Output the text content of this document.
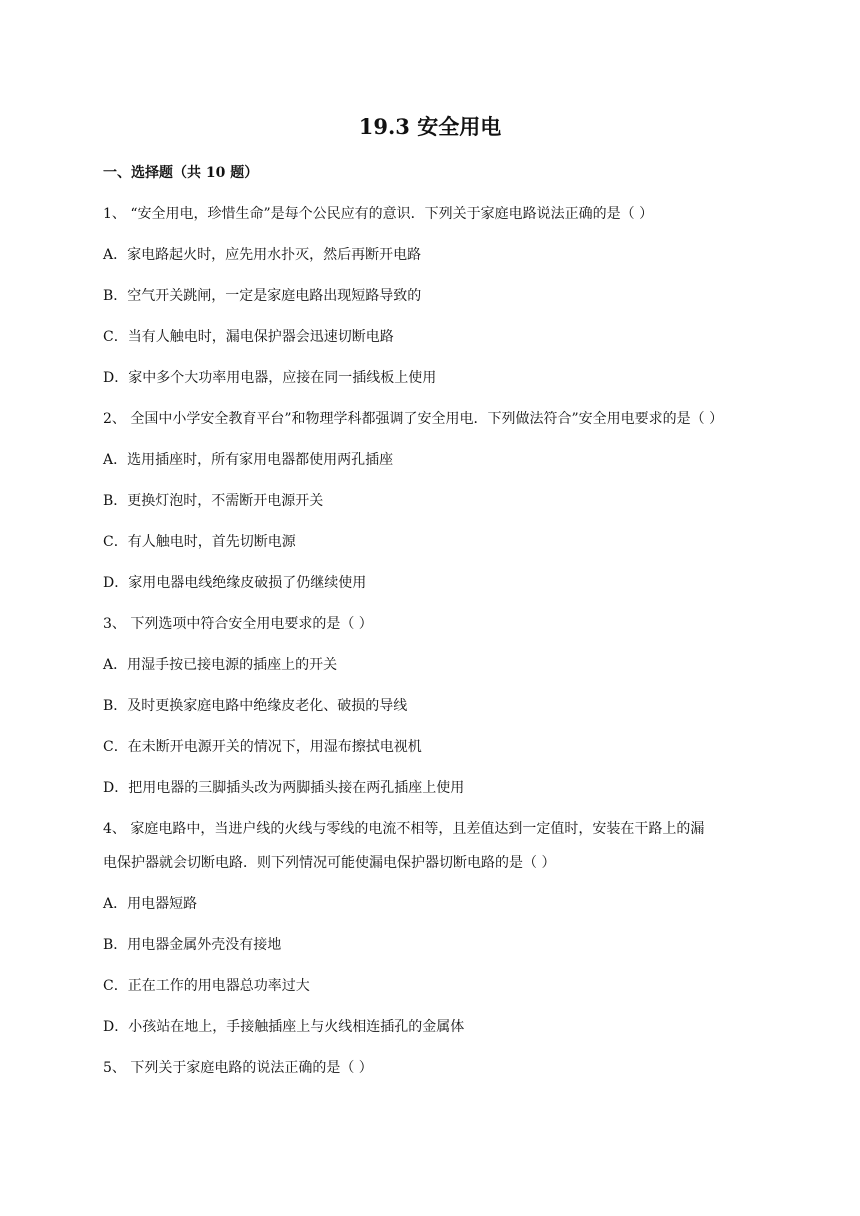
19.3 安全用电
一、选择题（共 10 题）
1、 “安全用电，珍惜生命”是每个公民应有的意识．下列关于家庭电路说法正确的是（ ）
A．家电路起火时，应先用水扑灭，然后再断开电路
B．空气开关跳闸，一定是家庭电路出现短路导致的
C．当有人触电时，漏电保护器会迅速切断电路
D．家中多个大功率用电器，应接在同一插线板上使用
2、 全国中小学安全教育平台”和物理学科都强调了安全用电．下列做法符合”安全用电要求的是（ ）
A．选用插座时，所有家用电器都使用两孔插座
B．更换灯泡时，不需断开电源开关
C．有人触电时，首先切断电源
D．家用电器电线绝缘皮破损了仍继续使用
3、 下列选项中符合安全用电要求的是（ ）
A．用湿手按已接电源的插座上的开关
B．及时更换家庭电路中绝缘皮老化、破损的导线
C．在未断开电源开关的情况下，用湿布擦拭电视机
D．把用电器的三脚插头改为两脚插头接在两孔插座上使用
4、 家庭电路中，当进户线的火线与零线的电流不相等，且差值达到一定值时，安装在干路上的漏
电保护器就会切断电路．则下列情况可能使漏电保护器切断电路的是（ ）
A．用电器短路
B．用电器金属外壳没有接地
C．正在工作的用电器总功率过大
D．小孩站在地上，手接触插座上与火线相连插孔的金属体
5、 下列关于家庭电路的说法正确的是（ ）
